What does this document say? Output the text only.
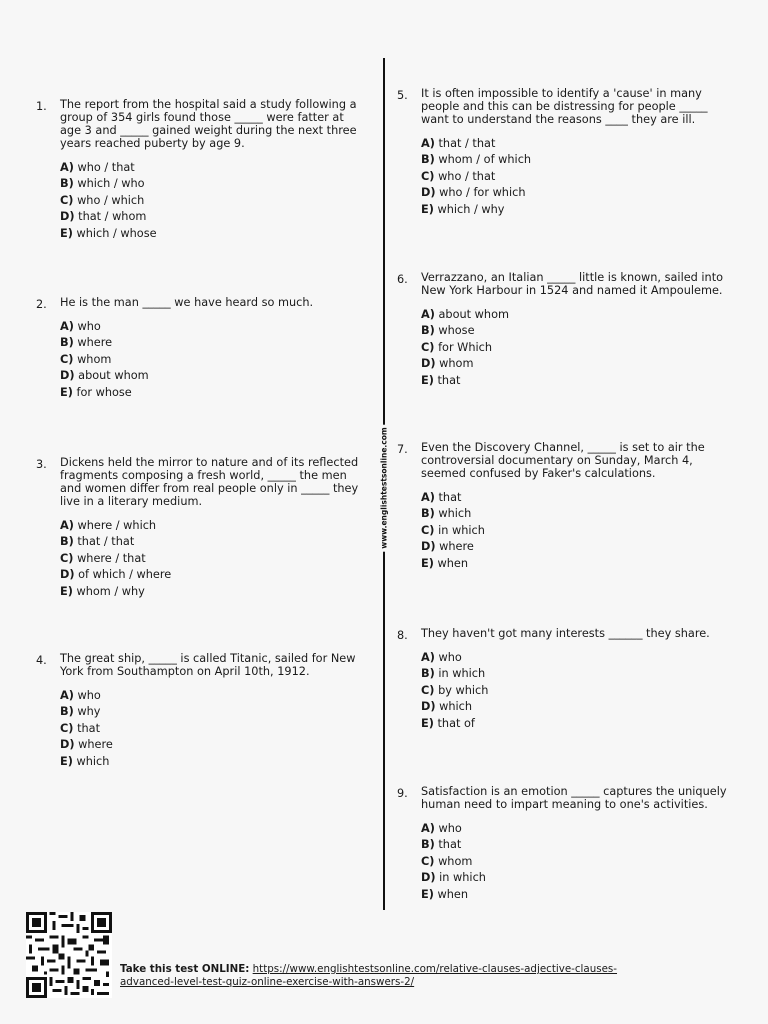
www.englishtestsonline.com
1. The report from the hospital said a study following a
group of 354 girls found those _____ were fatter at
age 3 and _____ gained weight during the next three
years reached puberty by age 9.
A) who / that
B) which / who
C) who / which
D) that / whom
E) which / whose
2. He is the man _____ we have heard so much.
A) who
B) where
C) whom
D) about whom
E) for whose
3. Dickens held the mirror to nature and of its reflected
fragments composing a fresh world, _____ the men
and women differ from real people only in _____ they
live in a literary medium.
A) where / which
B) that / that
C) where / that
D) of which / where
E) whom / why
4. The great ship, _____ is called Titanic, sailed for New
York from Southampton on April 10th, 1912.
A) who
B) why
C) that
D) where
E) which
5. It is often impossible to identify a 'cause' in many
people and this can be distressing for people _____
want to understand the reasons ____ they are ill.
A) that / that
B) whom / of which
C) who / that
D) who / for which
E) which / why
6. Verrazzano, an Italian _____ little is known, sailed into
New York Harbour in 1524 and named it Ampouleme.
A) about whom
B) whose
C) for Which
D) whom
E) that
7. Even the Discovery Channel, _____ is set to air the
controversial documentary on Sunday, March 4,
seemed confused by Faker's calculations.
A) that
B) which
C) in which
D) where
E) when
8. They haven't got many interests ______ they share.
A) who
B) in which
C) by which
D) which
E) that of
9. Satisfaction is an emotion _____ captures the uniquely
human need to impart meaning to one's activities.
A) who
B) that
C) whom
D) in which
E) when
Take this test ONLINE: https://www.englishtestsonline.com/relative-clauses-adjective-clauses-
advanced-level-test-quiz-online-exercise-with-answers-2/
